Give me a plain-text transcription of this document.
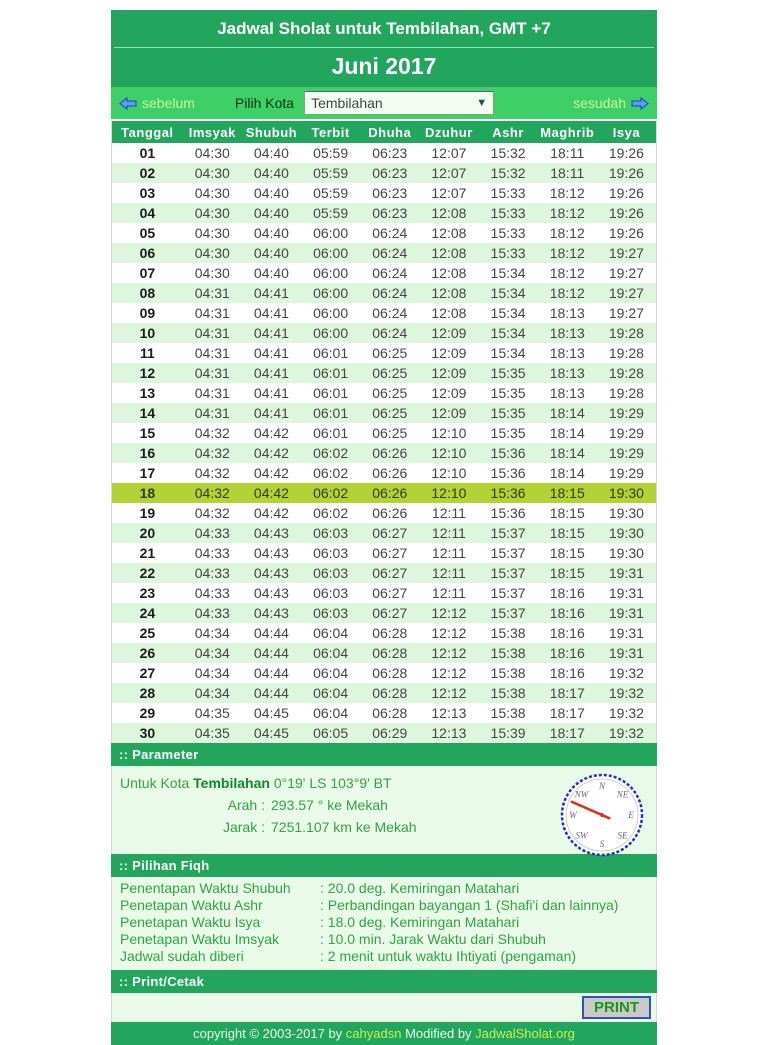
Jadwal Sholat untuk Tembilahan, GMT +7
Juni 2017
sebelum	Pilih Kota Tembilahan	▼	sesudah
Tanggal	Imsyak	Shubuh	Terbit	Dhuha	Dzuhur	Ashr	Maghrib	Isya
01	04:30	04:40	05:59	06:23	12:07	15:32	18:11	19:26
02	04:30	04:40	05:59	06:23	12:07	15:32	18:11	19:26
03	04:30	04:40	05:59	06:23	12:07	15:33	18:12	19:26
04	04:30	04:40	05:59	06:23	12:08	15:33	18:12	19:26
05	04:30	04:40	06:00	06:24	12:08	15:33	18:12	19:26
06	04:30	04:40	06:00	06:24	12:08	15:33	18:12	19:27
07	04:30	04:40	06:00	06:24	12:08	15:34	18:12	19:27
08	04:31	04:41	06:00	06:24	12:08	15:34	18:12	19:27
09	04:31	04:41	06:00	06:24	12:08	15:34	18:13	19:27
10	04:31	04:41	06:00	06:24	12:09	15:34	18:13	19:28
11	04:31	04:41	06:01	06:25	12:09	15:34	18:13	19:28
12	04:31	04:41	06:01	06:25	12:09	15:35	18:13	19:28
13	04:31	04:41	06:01	06:25	12:09	15:35	18:13	19:28
14	04:31	04:41	06:01	06:25	12:09	15:35	18:14	19:29
15	04:32	04:42	06:01	06:25	12:10	15:35	18:14	19:29
16	04:32	04:42	06:02	06:26	12:10	15:36	18:14	19:29
17	04:32	04:42	06:02	06:26	12:10	15:36	18:14	19:29
18	04:32	04:42	06:02	06:26	12:10	15:36	18:15	19:30
19	04:32	04:42	06:02	06:26	12:11	15:36	18:15	19:30
20	04:33	04:43	06:03	06:27	12:11	15:37	18:15	19:30
21	04:33	04:43	06:03	06:27	12:11	15:37	18:15	19:30
22	04:33	04:43	06:03	06:27	12:11	15:37	18:15	19:31
23	04:33	04:43	06:03	06:27	12:11	15:37	18:16	19:31
24	04:33	04:43	06:03	06:27	12:12	15:37	18:16	19:31
25	04:34	04:44	06:04	06:28	12:12	15:38	18:16	19:31
26	04:34	04:44	06:04	06:28	12:12	15:38	18:16	19:31
27	04:34	04:44	06:04	06:28	12:12	15:38	18:16	19:32
28	04:34	04:44	06:04	06:28	12:12	15:38	18:17	19:32
29	04:35	04:45	06:04	06:28	12:13	15:38	18:17	19:32
30	04:35	04:45	06:05	06:29	12:13	15:39	18:17	19:32
:: Parameter
Untuk Kota Tembilahan 0°19' LS 103°9' BT
Arah : 293.57 ° ke Mekah
Jarak : 7251.107 km ke Mekah
N
NE
E
SE
S
SW
W
NW
:: Pilihan Fiqh
Penentapan Waktu Shubuh	: 20.0 deg. Kemiringan Matahari
Penetapan Waktu Ashr	: Perbandingan bayangan 1 (Shafi'i dan lainnya)
Penetapan Waktu Isya	: 18.0 deg. Kemiringan Matahari
Penetapan Waktu Imsyak	: 10.0 min. Jarak Waktu dari Shubuh
Jadwal sudah diberi	: 2 menit untuk waktu Ihtiyati (pengaman)
:: Print/Cetak
PRINT
copyright © 2003-2017 by cahyadsn Modified by JadwalSholat.org
